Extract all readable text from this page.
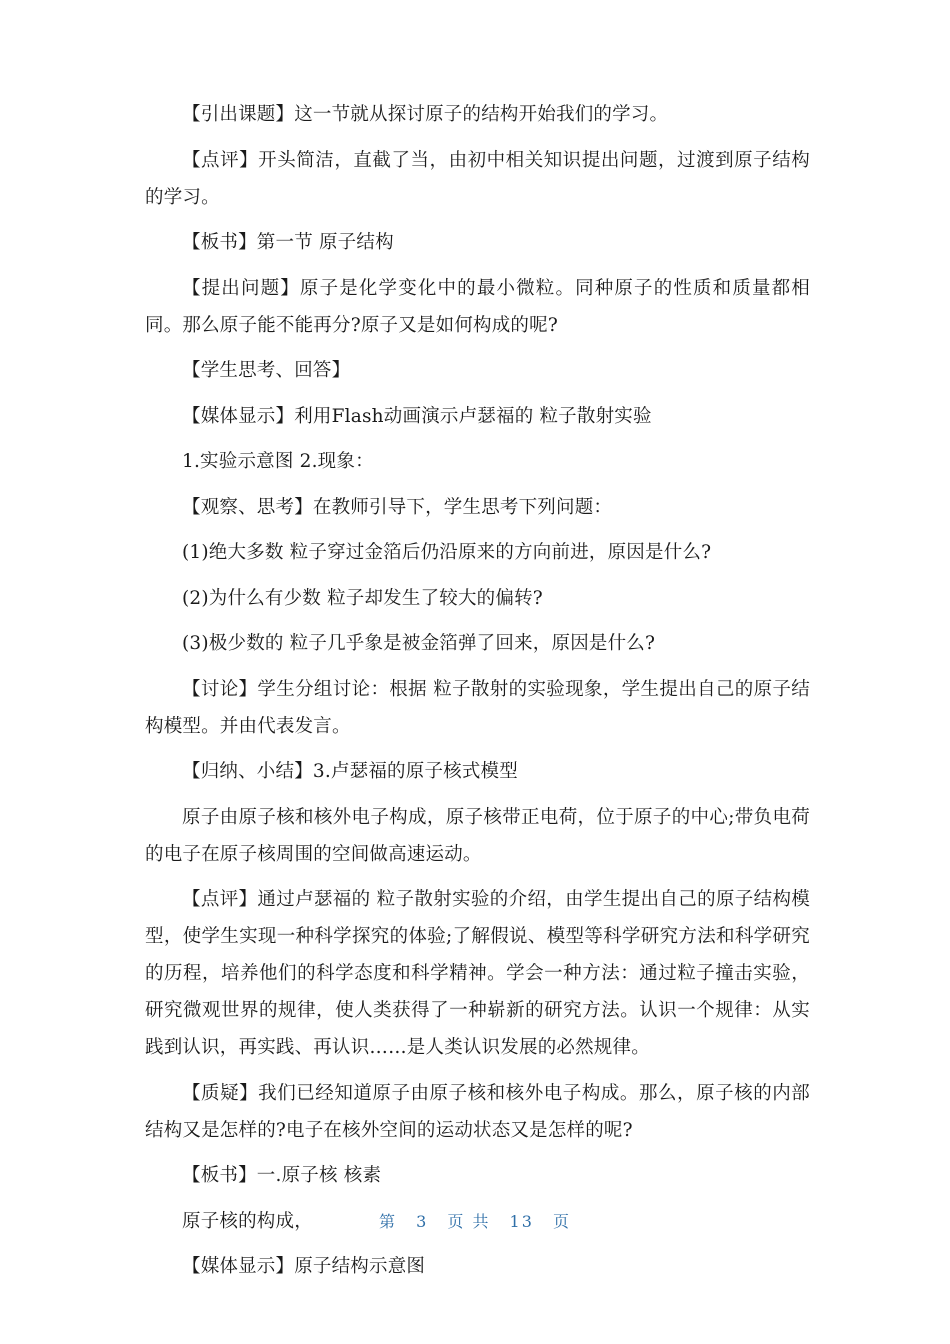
【引出课题】这一节就从探讨原子的结构开始我们的学习。

【点评】开头简洁，直截了当，由初中相关知识提出问题，过渡到原子结构的学习。

【板书】第一节 原子结构

【提出问题】原子是化学变化中的最小微粒。同种原子的性质和质量都相同。那么原子能不能再分?原子又是如何构成的呢?

【学生思考、回答】

【媒体显示】利用Flash动画演示卢瑟福的 粒子散射实验

1.实验示意图 2.现象：

【观察、思考】在教师引导下，学生思考下列问题：

(1)绝大多数 粒子穿过金箔后仍沿原来的方向前进，原因是什么?

(2)为什么有少数 粒子却发生了较大的偏转?

(3)极少数的 粒子几乎象是被金箔弹了回来，原因是什么?

【讨论】学生分组讨论：根据 粒子散射的实验现象，学生提出自己的原子结构模型。并由代表发言。

【归纳、小结】3.卢瑟福的原子核式模型

原子由原子核和核外电子构成，原子核带正电荷，位于原子的中心;带负电荷的电子在原子核周围的空间做高速运动。

【点评】通过卢瑟福的 粒子散射实验的介绍，由学生提出自己的原子结构模型，使学生实现一种科学探究的体验;了解假说、模型等科学研究方法和科学研究的历程，培养他们的科学态度和科学精神。学会一种方法：通过粒子撞击实验，研究微观世界的规律，使人类获得了一种崭新的研究方法。认识一个规律：从实践到认识，再实践、再认识……是人类认识发展的必然规律。

【质疑】我们已经知道原子由原子核和核外电子构成。那么，原子核的内部结构又是怎样的?电子在核外空间的运动状态又是怎样的呢?

【板书】一.原子核 核素

原子核的构成，

【媒体显示】原子结构示意图

第 3 页 共 13 页
